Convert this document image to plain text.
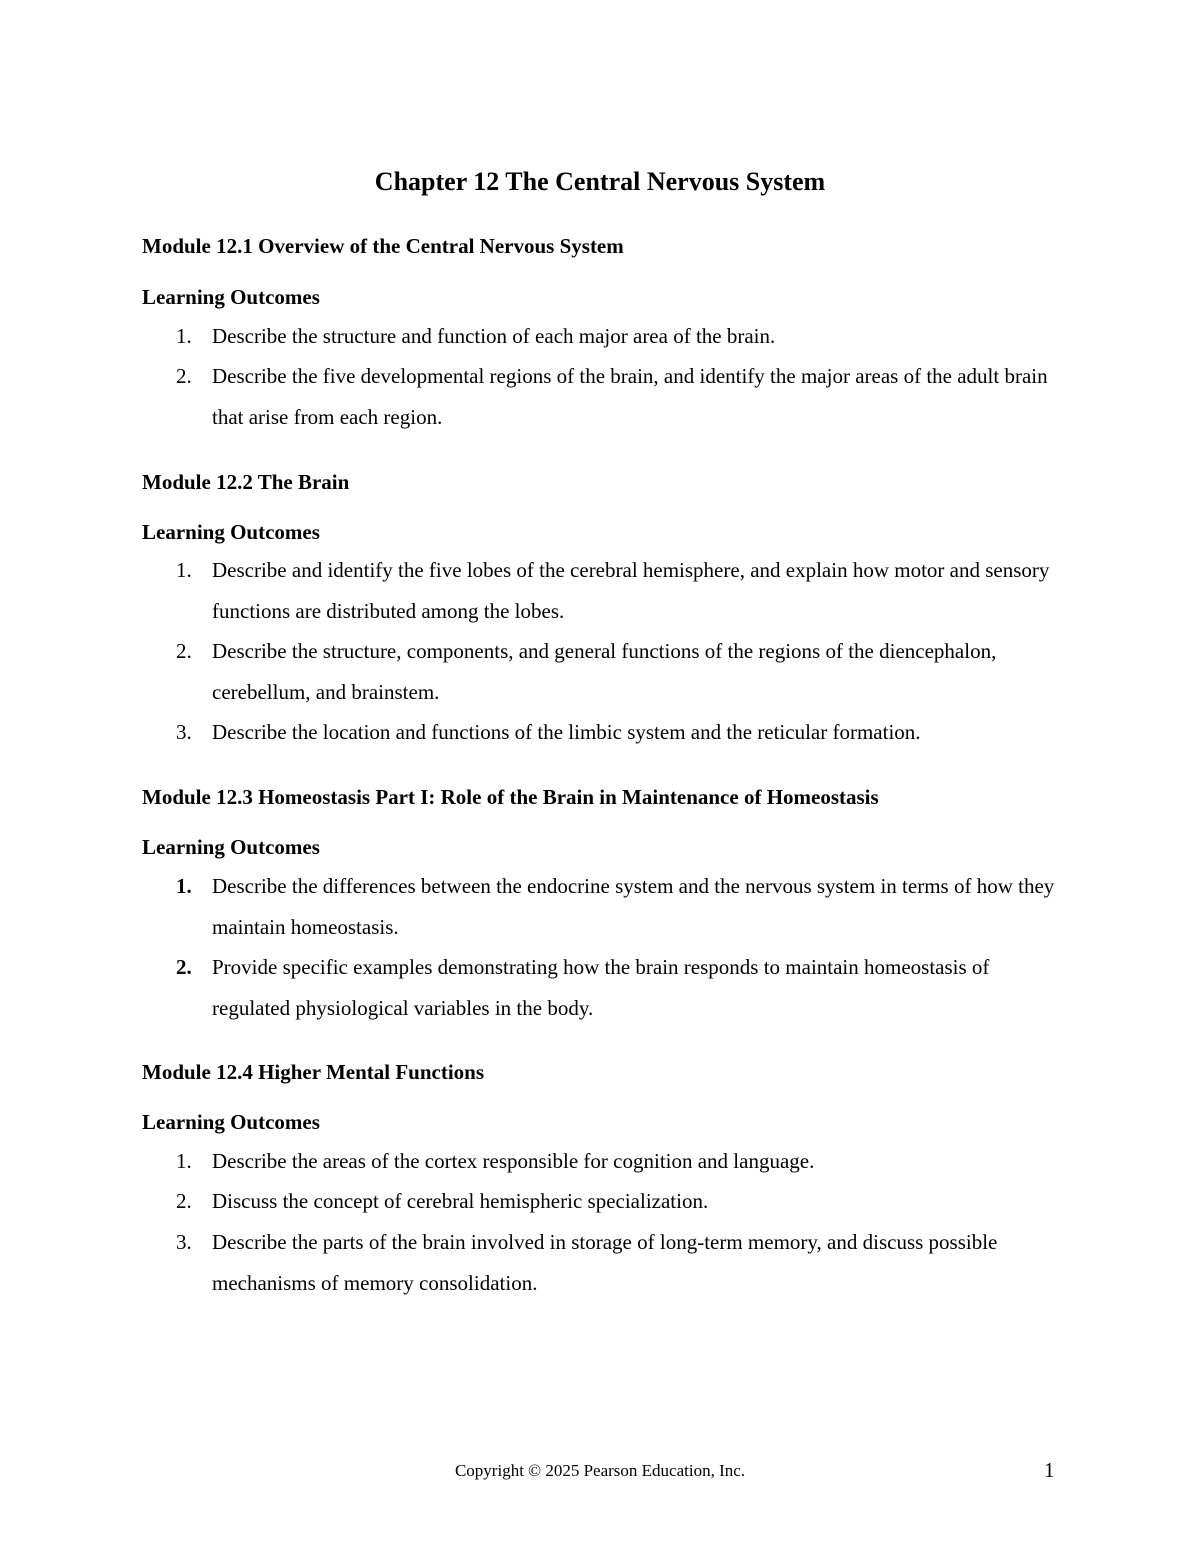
Chapter 12 The Central Nervous System
Module 12.1 Overview of the Central Nervous System
Learning Outcomes
1. Describe the structure and function of each major area of the brain.
2. Describe the five developmental regions of the brain, and identify the major areas of the adult brain that arise from each region.
Module 12.2 The Brain
Learning Outcomes
1. Describe and identify the five lobes of the cerebral hemisphere, and explain how motor and sensory functions are distributed among the lobes.
2. Describe the structure, components, and general functions of the regions of the diencephalon, cerebellum, and brainstem.
3. Describe the location and functions of the limbic system and the reticular formation.
Module 12.3 Homeostasis Part I: Role of the Brain in Maintenance of Homeostasis
Learning Outcomes
1. Describe the differences between the endocrine system and the nervous system in terms of how they maintain homeostasis.
2. Provide specific examples demonstrating how the brain responds to maintain homeostasis of regulated physiological variables in the body.
Module 12.4 Higher Mental Functions
Learning Outcomes
1. Describe the areas of the cortex responsible for cognition and language.
2. Discuss the concept of cerebral hemispheric specialization.
3. Describe the parts of the brain involved in storage of long-term memory, and discuss possible mechanisms of memory consolidation.
Copyright © 2025 Pearson Education, Inc.	1
